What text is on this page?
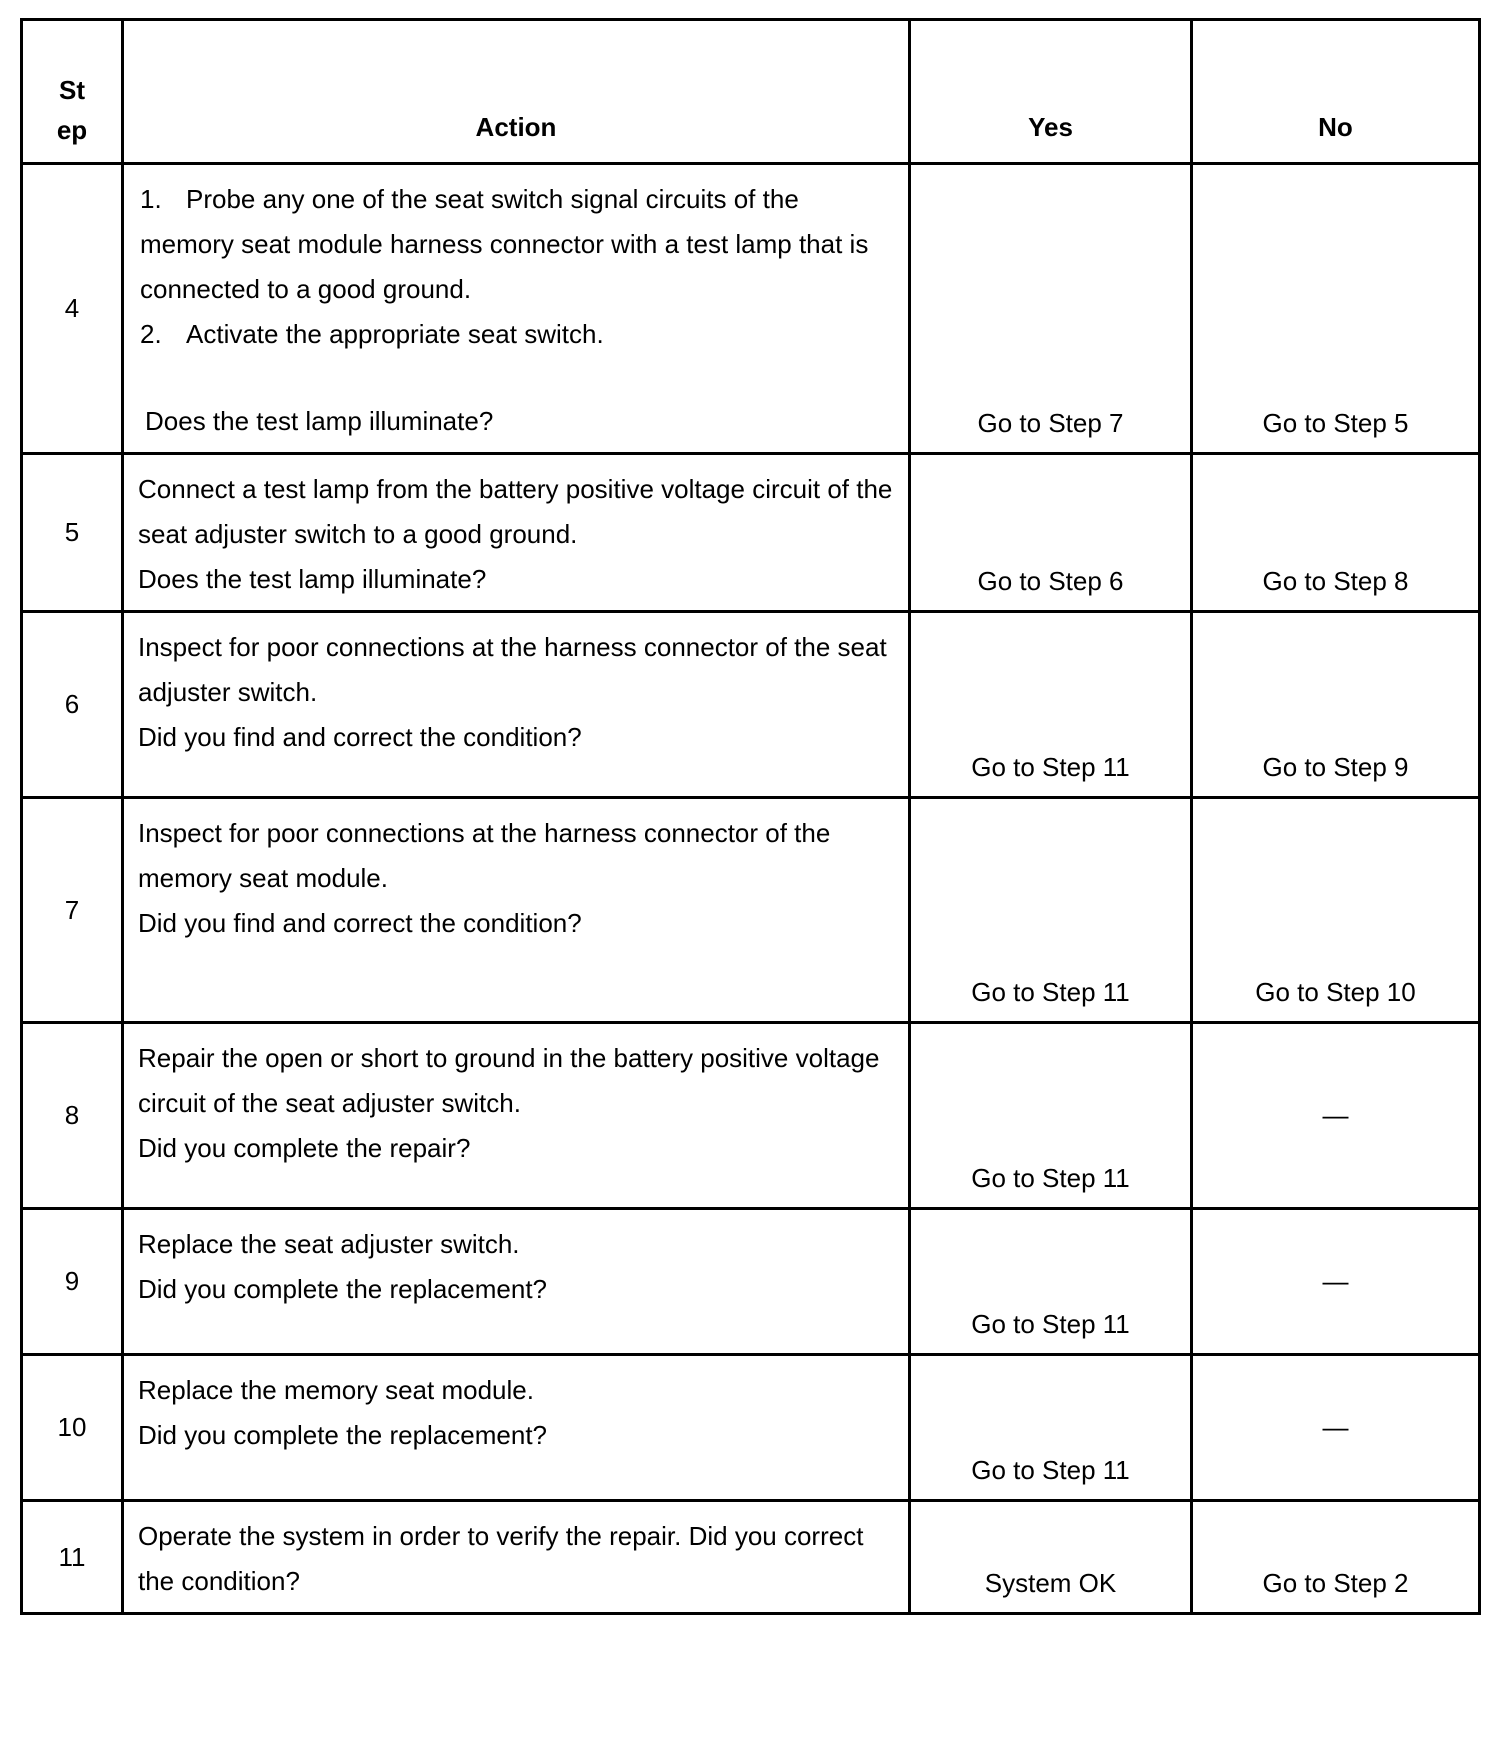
St
ep	Action	Yes	No
4	1. Probe any one of the seat switch signal circuits of the memory seat module harness connector with a test lamp that is connected to a good ground.
2. Activate the appropriate seat switch.
Does the test lamp illuminate?	Go to Step 7	Go to Step 5
5	Connect a test lamp from the battery positive voltage circuit of the seat adjuster switch to a good ground.
Does the test lamp illuminate?	Go to Step 6	Go to Step 8
6	Inspect for poor connections at the harness connector of the seat adjuster switch.
Did you find and correct the condition?	Go to Step 11	Go to Step 9
7	Inspect for poor connections at the harness connector of the memory seat module.
Did you find and correct the condition?	Go to Step 11	Go to Step 10
8	Repair the open or short to ground in the battery positive voltage circuit of the seat adjuster switch.
Did you complete the repair?	Go to Step 11	—
9	Replace the seat adjuster switch.
Did you complete the replacement?	Go to Step 11	—
10	Replace the memory seat module.
Did you complete the replacement?	Go to Step 11	—
11	Operate the system in order to verify the repair. Did you correct the condition?	System OK	Go to Step 2
